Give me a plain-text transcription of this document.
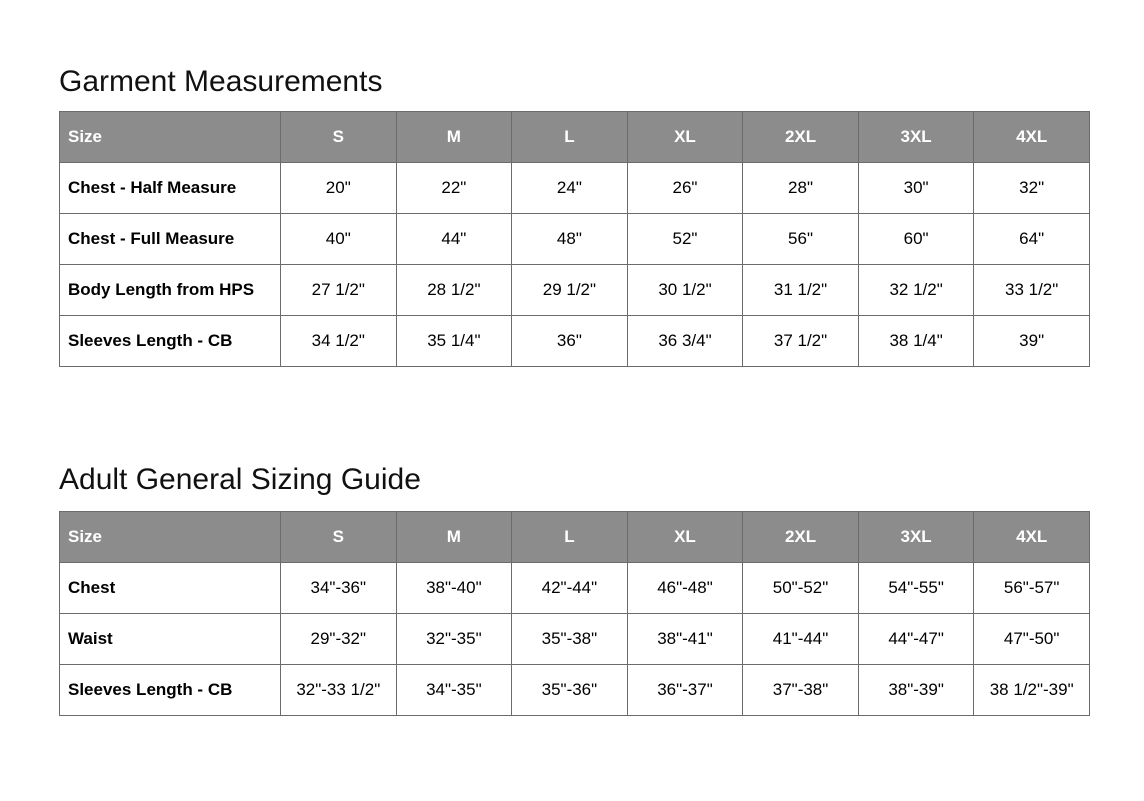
Garment Measurements
Size	S	M	L	XL	2XL	3XL	4XL
Chest - Half Measure	20"	22"	24"	26"	28"	30"	32"
Chest - Full Measure	40"	44"	48"	52"	56"	60"	64"
Body Length from HPS	27 1/2"	28 1/2"	29 1/2"	30 1/2"	31 1/2"	32 1/2"	33 1/2"
Sleeves Length - CB	34 1/2"	35 1/4"	36"	36 3/4"	37 1/2"	38 1/4"	39"
Adult General Sizing Guide
Size	S	M	L	XL	2XL	3XL	4XL
Chest	34"-36"	38"-40"	42"-44"	46"-48"	50"-52"	54"-55"	56"-57"
Waist	29"-32"	32"-35"	35"-38"	38"-41"	41"-44"	44"-47"	47"-50"
Sleeves Length - CB	32"-33 1/2"	34"-35"	35"-36"	36"-37"	37"-38"	38"-39"	38 1/2"-39"
